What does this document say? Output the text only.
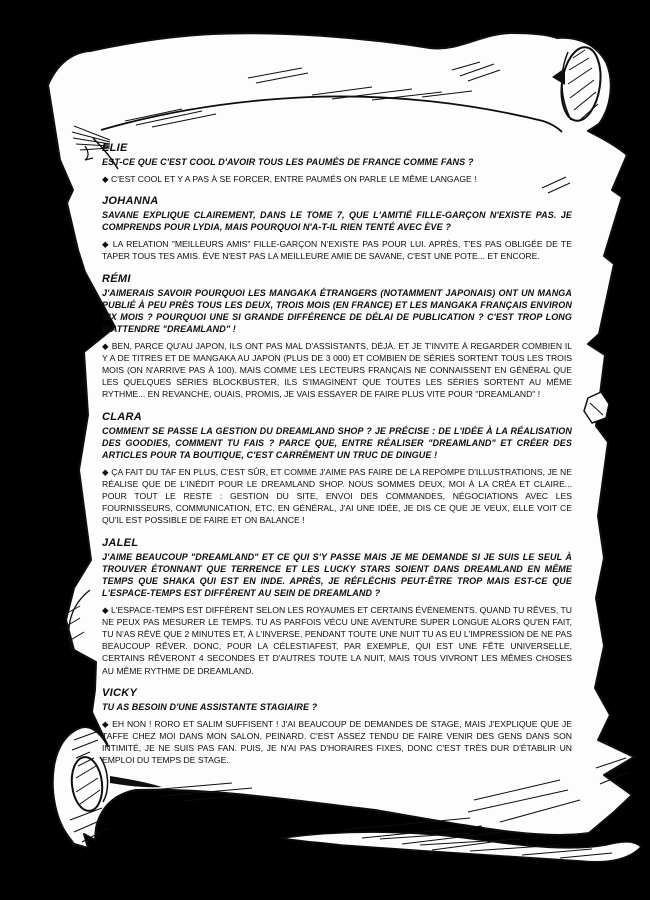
ELIE
EST-CE QUE C'EST COOL D'AVOIR TOUS LES PAUMÉS DE FRANCE COMME FANS ?
◆ C'EST COOL ET Y A PAS À SE FORCER, ENTRE PAUMÉS ON PARLE LE MÊME LANGAGE !
JOHANNA
SAVANE EXPLIQUE CLAIREMENT, DANS LE TOME 7, QUE L'AMITIÉ FILLE-GARÇON N'EXISTE PAS. JE COMPRENDS POUR LYDIA, MAIS POURQUOI N'A-T-IL RIEN TENTÉ AVEC ÈVE ?
◆ LA RELATION "MEILLEURS AMIS" FILLE-GARÇON N'EXISTE PAS POUR LUI. APRÈS, T'ES PAS OBLIGÉE DE TE TAPER TOUS TES AMIS. ÈVE N'EST PAS LA MEILLEURE AMIE DE SAVANE, C'EST UNE POTE... ET ENCORE.
RÉMI
J'AIMERAIS SAVOIR POURQUOI LES MANGAKA ÉTRANGERS (NOTAMMENT JAPONAIS) ONT UN MANGA PUBLIÉ À PEU PRÈS TOUS LES DEUX, TROIS MOIS (EN FRANCE) ET LES MANGAKA FRANÇAIS ENVIRON SIX MOIS ? POURQUOI UNE SI GRANDE DIFFÉRENCE DE DÉLAI DE PUBLICATION ? C'EST TROP LONG D'ATTENDRE "DREAMLAND" !
◆ BEN, PARCE QU'AU JAPON, ILS ONT PAS MAL D'ASSISTANTS, DÉJÀ. ET JE T'INVITE À REGARDER COMBIEN IL Y A DE TITRES ET DE MANGAKA AU JAPON (PLUS DE 3 000) ET COMBIEN DE SÉRIES SORTENT TOUS LES TROIS MOIS (ON N'ARRIVE PAS À 100). MAIS COMME LES LECTEURS FRANÇAIS NE CONNAISSENT EN GÉNÉRAL QUE LES QUELQUES SÉRIES BLOCKBUSTER, ILS S'IMAGINENT QUE TOUTES LES SÉRIES SORTENT AU MÊME RYTHME... EN REVANCHE, OUAIS, PROMIS, JE VAIS ESSAYER DE FAIRE PLUS VITE POUR "DREAMLAND" !
CLARA
COMMENT SE PASSE LA GESTION DU DREAMLAND SHOP ? JE PRÉCISE : DE L'IDÉE À LA RÉALISATION DES GOODIES, COMMENT TU FAIS ? PARCE QUE, ENTRE RÉALISER "DREAMLAND" ET CRÉER DES ARTICLES POUR TA BOUTIQUE, C'EST CARRÉMENT UN TRUC DE DINGUE !
◆ ÇA FAIT DU TAF EN PLUS, C'EST SÛR, ET COMME J'AIME PAS FAIRE DE LA REPOMPE D'ILLUSTRATIONS, JE NE RÉALISE QUE DE L'INÉDIT POUR LE DREAMLAND SHOP. NOUS SOMMES DEUX, MOI À LA CRÉA ET CLAIRE... POUR TOUT LE RESTE : GESTION DU SITE, ENVOI DES COMMANDES, NÉGOCIATIONS AVEC LES FOURNISSEURS, COMMUNICATION, ETC. EN GÉNÉRAL, J'AI UNE IDÉE, JE DIS CE QUE JE VEUX, ELLE VOIT CE QU'IL EST POSSIBLE DE FAIRE ET ON BALANCE !
JALEL
J'AIME BEAUCOUP "DREAMLAND" ET CE QUI S'Y PASSE MAIS JE ME DEMANDE SI JE SUIS LE SEUL À TROUVER ÉTONNANT QUE TERRENCE ET LES LUCKY STARS SOIENT DANS DREAMLAND EN MÊME TEMPS QUE SHAKA QUI EST EN INDE. APRÈS, JE RÉFLÉCHIS PEUT-ÊTRE TROP MAIS EST-CE QUE L'ESPACE-TEMPS EST DIFFÉRENT AU SEIN DE DREAMLAND ?
◆ L'ESPACE-TEMPS EST DIFFÉRENT SELON LES ROYAUMES ET CERTAINS ÉVÉNEMENTS. QUAND TU RÊVES, TU NE PEUX PAS MESURER LE TEMPS. TU AS PARFOIS VÉCU UNE AVENTURE SUPER LONGUE ALORS QU'EN FAIT, TU N'AS RÊVÉ QUE 2 MINUTES ET, À L'INVERSE, PENDANT TOUTE UNE NUIT TU AS EU L'IMPRESSION DE NE PAS BEAUCOUP RÊVER. DONC, POUR LA CÉLESTIAFEST, PAR EXEMPLE, QUI EST UNE FÊTE UNIVERSELLE, CERTAINS RÊVERONT 4 SECONDES ET D'AUTRES TOUTE LA NUIT, MAIS TOUS VIVRONT LES MÊMES CHOSES AU MÊME RYTHME DE DREAMLAND.
VICKY
TU AS BESOIN D'UNE ASSISTANTE STAGIAIRE ?
◆ EH NON ! RORO ET SALIM SUFFISENT ! J'AI BEAUCOUP DE DEMANDES DE STAGE, MAIS J'EXPLIQUE QUE JE TAFFE CHEZ MOI DANS MON SALON, PEINARD. C'EST ASSEZ TENDU DE FAIRE VENIR DES GENS DANS SON INTIMITÉ, JE NE SUIS PAS FAN. PUIS, JE N'AI PAS D'HORAIRES FIXES, DONC C'EST TRÈS DUR D'ÉTABLIR UN EMPLOI DU TEMPS DE STAGE.
